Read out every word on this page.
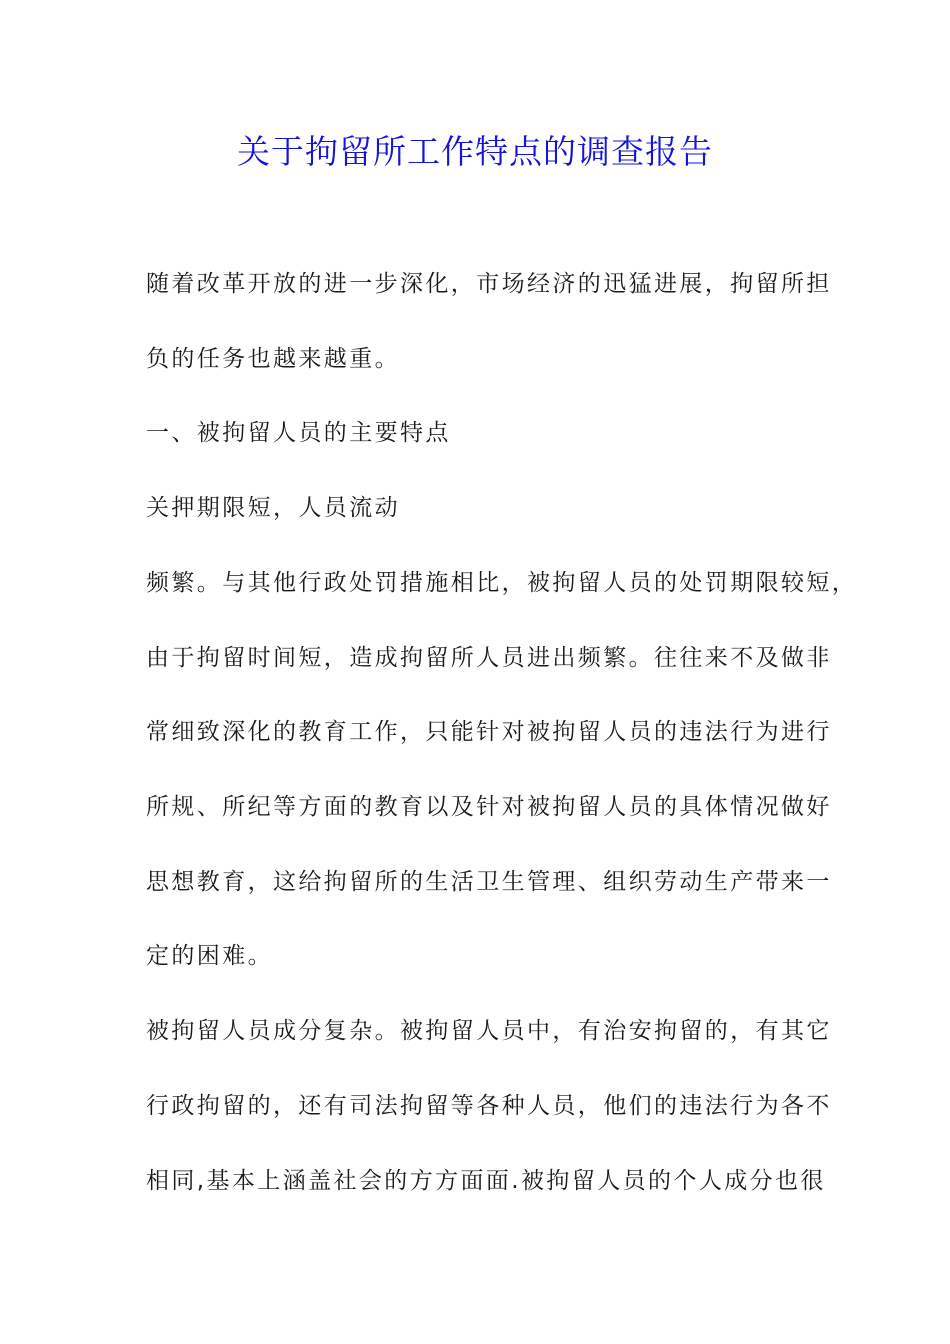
关于拘留所工作特点的调查报告
随着改革开放的进一步深化，市场经济的迅猛进展，拘留所担
负的任务也越来越重。
一、被拘留人员的主要特点
关押期限短，人员流动
频繁。与其他行政处罚措施相比，被拘留人员的处罚期限较短，
由于拘留时间短，造成拘留所人员进出频繁。往往来不及做非
常细致深化的教育工作，只能针对被拘留人员的违法行为进行
所规、所纪等方面的教育以及针对被拘留人员的具体情况做好
思想教育，这给拘留所的生活卫生管理、组织劳动生产带来一
定的困难。
被拘留人员成分复杂。被拘留人员中，有治安拘留的，有其它
行政拘留的，还有司法拘留等各种人员，他们的违法行为各不
相同,基本上涵盖社会的方方面面.被拘留人员的个人成分也很
